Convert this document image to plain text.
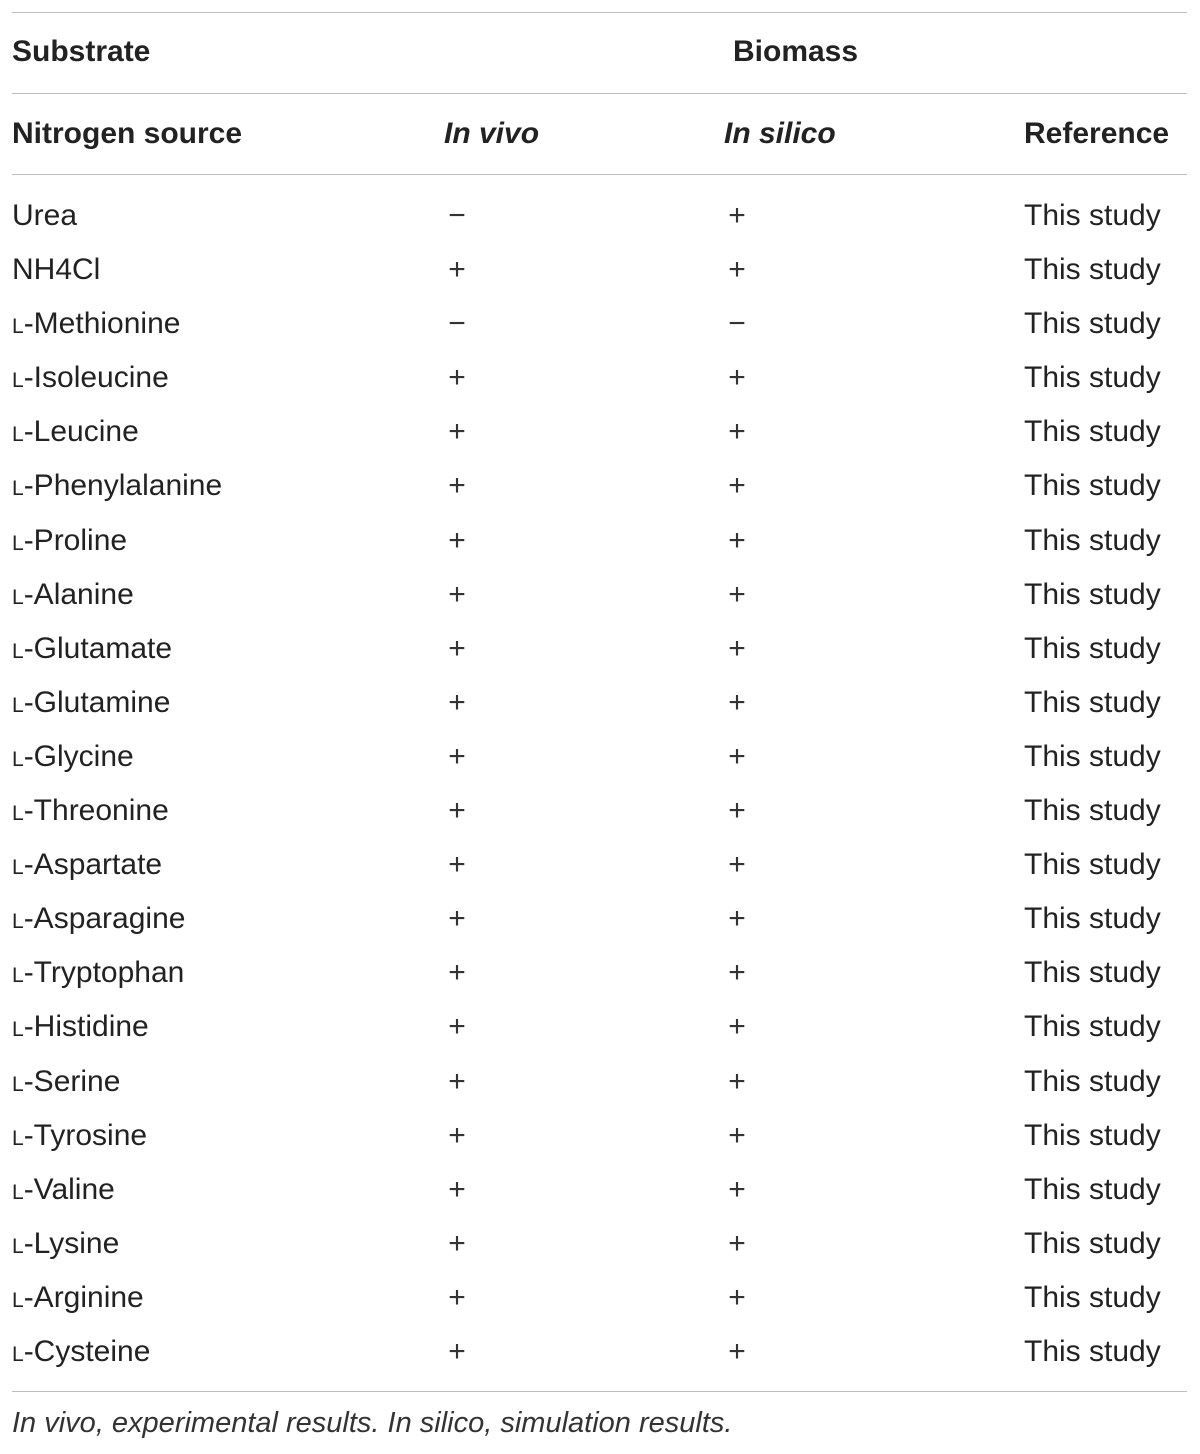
Substrate	Biomass
Nitrogen source	In vivo	In silico	Reference
Urea	−	+	This study
NH4Cl	+	+	This study
L-Methionine	−	−	This study
L-Isoleucine	+	+	This study
L-Leucine	+	+	This study
L-Phenylalanine	+	+	This study
L-Proline	+	+	This study
L-Alanine	+	+	This study
L-Glutamate	+	+	This study
L-Glutamine	+	+	This study
L-Glycine	+	+	This study
L-Threonine	+	+	This study
L-Aspartate	+	+	This study
L-Asparagine	+	+	This study
L-Tryptophan	+	+	This study
L-Histidine	+	+	This study
L-Serine	+	+	This study
L-Tyrosine	+	+	This study
L-Valine	+	+	This study
L-Lysine	+	+	This study
L-Arginine	+	+	This study
L-Cysteine	+	+	This study
In vivo, experimental results. In silico, simulation results.
